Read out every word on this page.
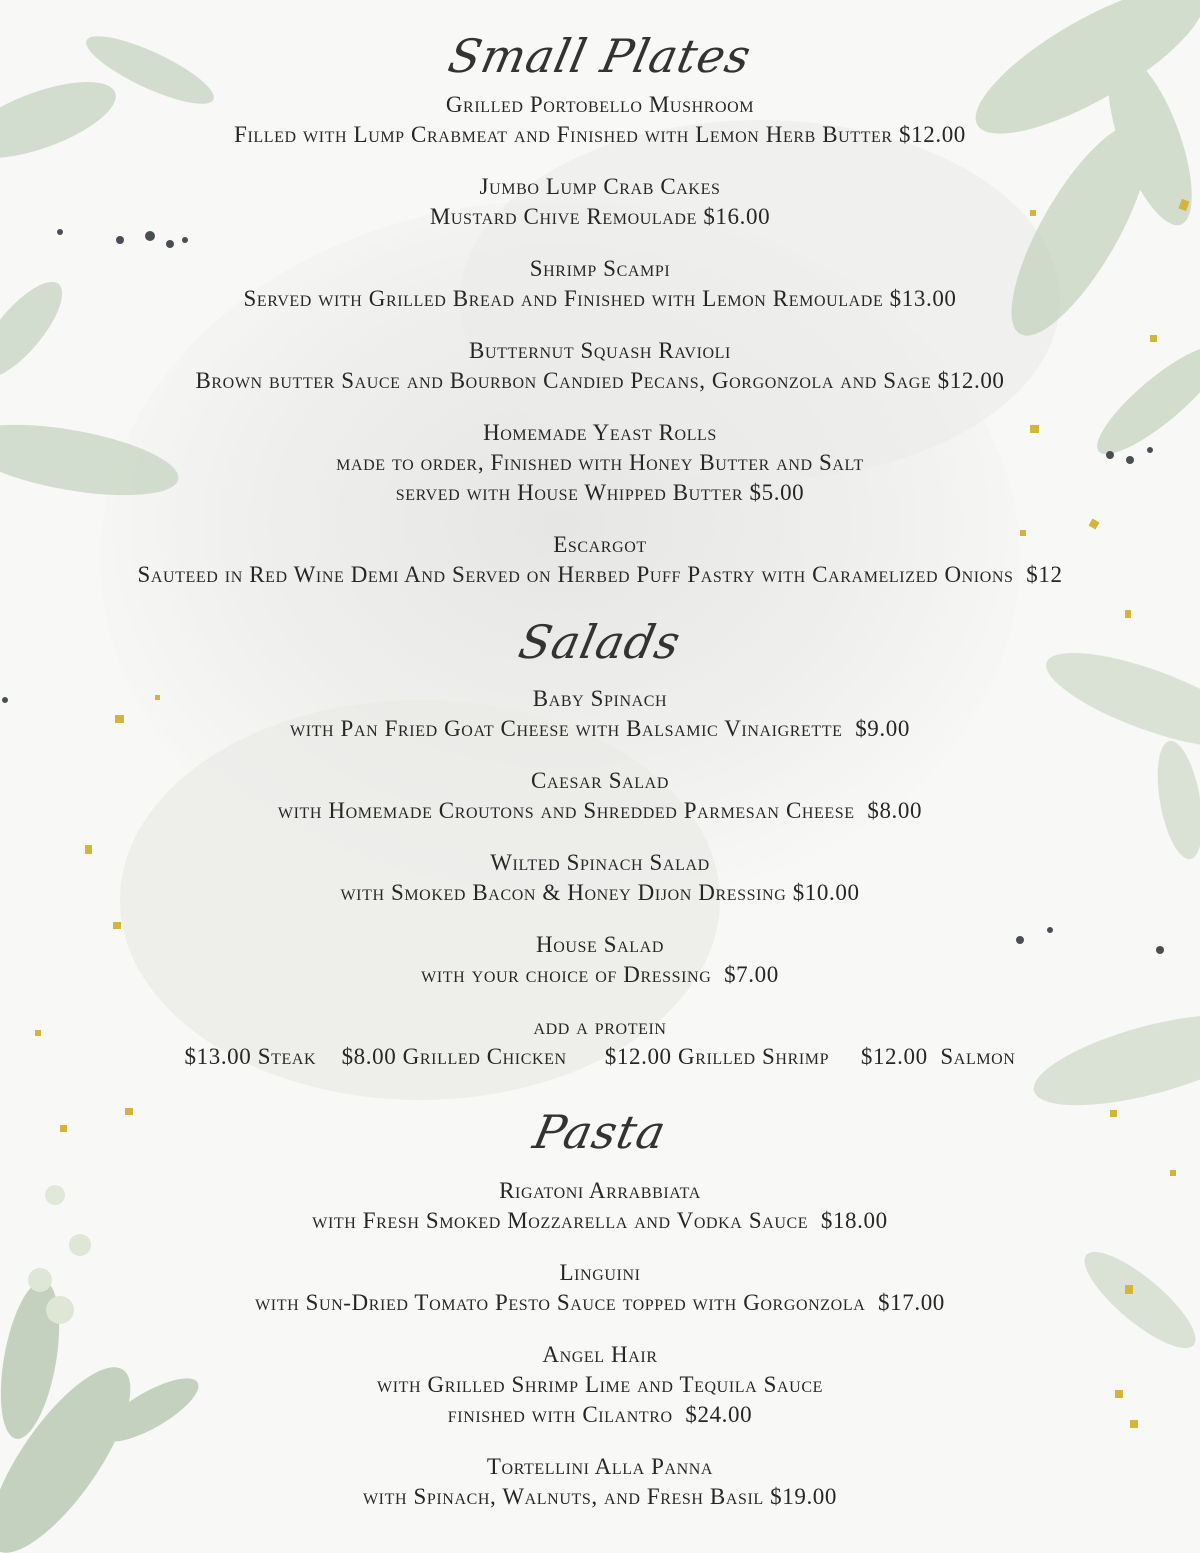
Small Plates
Grilled Portobello Mushroom
Filled with Lump Crabmeat and Finished with Lemon Herb Butter $12.00
Jumbo Lump Crab Cakes
Mustard Chive Remoulade $16.00
Shrimp Scampi
Served with Grilled Bread and Finished with Lemon Remoulade $13.00
Butternut Squash Ravioli
Brown butter Sauce and Bourbon Candied Pecans, Gorgonzola and Sage $12.00
Homemade Yeast Rolls
made to order, Finished with Honey Butter and Salt
served with House Whipped Butter $5.00
Escargot
Sauteed in Red Wine Demi And Served on Herbed Puff Pastry with Caramelized Onions  $12
Salads
Baby Spinach
with Pan Fried Goat Cheese with Balsamic Vinaigrette  $9.00
Caesar Salad
with Homemade Croutons and Shredded Parmesan Cheese  $8.00
Wilted Spinach Salad
with Smoked Bacon & Honey Dijon Dressing $10.00
House Salad
with your choice of Dressing  $7.00
add a protein
$13.00 Steak    $8.00 Grilled Chicken      $12.00 Grilled Shrimp     $12.00  Salmon
Pasta
Rigatoni Arrabbiata
with Fresh Smoked Mozzarella and Vodka Sauce  $18.00
Linguini
with Sun-Dried Tomato Pesto Sauce topped with Gorgonzola  $17.00
Angel Hair
with Grilled Shrimp Lime and Tequila Sauce
finished with Cilantro  $24.00
Tortellini Alla Panna
with Spinach, Walnuts, and Fresh Basil $19.00
